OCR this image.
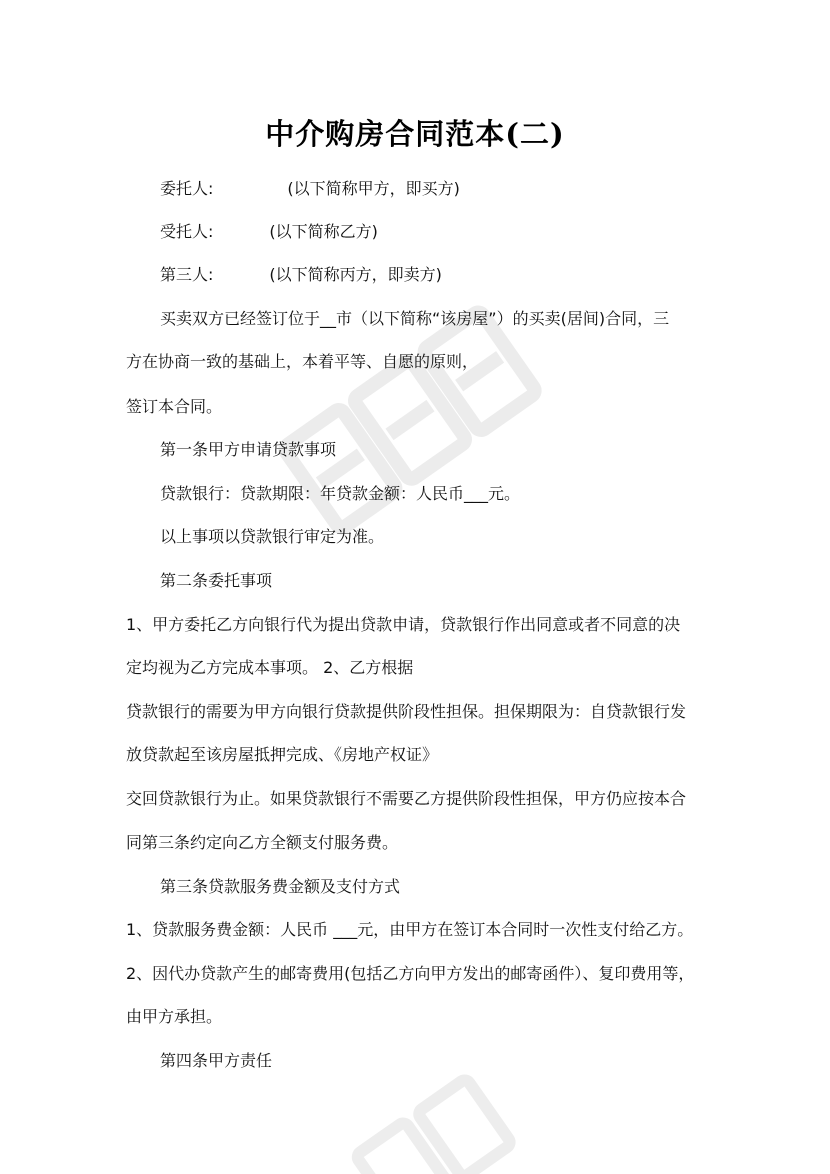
中介购房合同范本(二)
委托人:	(以下简称甲方，即买方)
受托人:	(以下简称乙方)
第三人:	(以下简称丙方，即卖方)
买卖双方已经签订位于__市（以下简称“该房屋”）的买卖(居间)合同，三
方在协商一致的基础上，本着平等、自愿的原则，
签订本合同。
第一条甲方申请贷款事项
贷款银行：贷款期限：年贷款金额：人民币___元。
以上事项以贷款银行审定为准。
第二条委托事项
1、甲方委托乙方向银行代为提出贷款申请，贷款银行作出同意或者不同意的决
定均视为乙方完成本事项。 2、乙方根据
贷款银行的需要为甲方向银行贷款提供阶段性担保。担保期限为：自贷款银行发
放贷款起至该房屋抵押完成、《房地产权证》
交回贷款银行为止。如果贷款银行不需要乙方提供阶段性担保，甲方仍应按本合
同第三条约定向乙方全额支付服务费。
第三条贷款服务费金额及支付方式
1、贷款服务费金额：人民币 ___元，由甲方在签订本合同时一次性支付给乙方。
2、因代办贷款产生的邮寄费用(包括乙方向甲方发出的邮寄函件）、复印费用等，
由甲方承担。
第四条甲方责任
